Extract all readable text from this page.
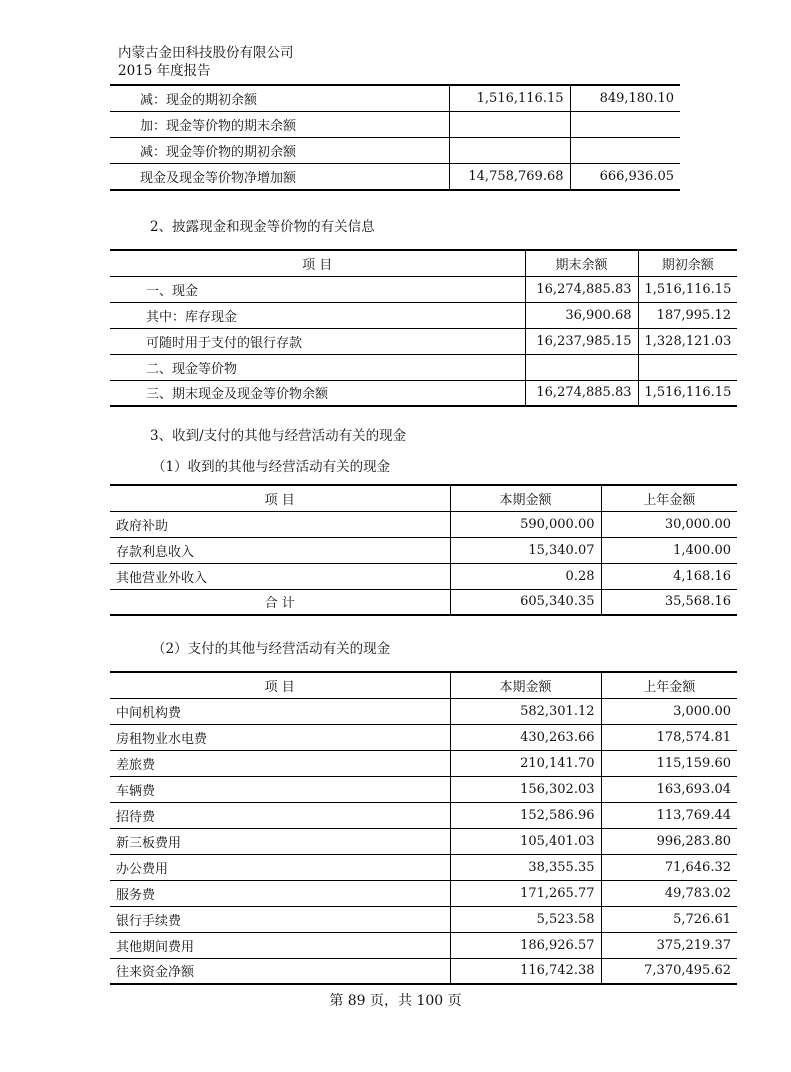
内蒙古金田科技股份有限公司
2015 年度报告
减：现金的期初余额	1,516,116.15	849,180.10
加：现金等价物的期末余额		
减：现金等价物的期初余额		
现金及现金等价物净增加额	14,758,769.68	666,936.05
2、披露现金和现金等价物的有关信息
项 目	期末余额	期初余额
一、现金	16,274,885.83	1,516,116.15
其中：库存现金	36,900.68	187,995.12
可随时用于支付的银行存款	16,237,985.15	1,328,121.03
二、现金等价物		
三、期末现金及现金等价物余额	16,274,885.83	1,516,116.15
3、收到/支付的其他与经营活动有关的现金
（1）收到的其他与经营活动有关的现金
项 目	本期金额	上年金额
政府补助	590,000.00	30,000.00
存款利息收入	15,340.07	1,400.00
其他营业外收入	0.28	4,168.16
合 计	605,340.35	35,568.16
（2）支付的其他与经营活动有关的现金
项 目	本期金额	上年金额
中间机构费	582,301.12	3,000.00
房租物业水电费	430,263.66	178,574.81
差旅费	210,141.70	115,159.60
车辆费	156,302.03	163,693.04
招待费	152,586.96	113,769.44
新三板费用	105,401.03	996,283.80
办公费用	38,355.35	71,646.32
服务费	171,265.77	49,783.02
银行手续费	5,523.58	5,726.61
其他期间费用	186,926.57	375,219.37
往来资金净额	116,742.38	7,370,495.62
第 89 页，共 100 页
